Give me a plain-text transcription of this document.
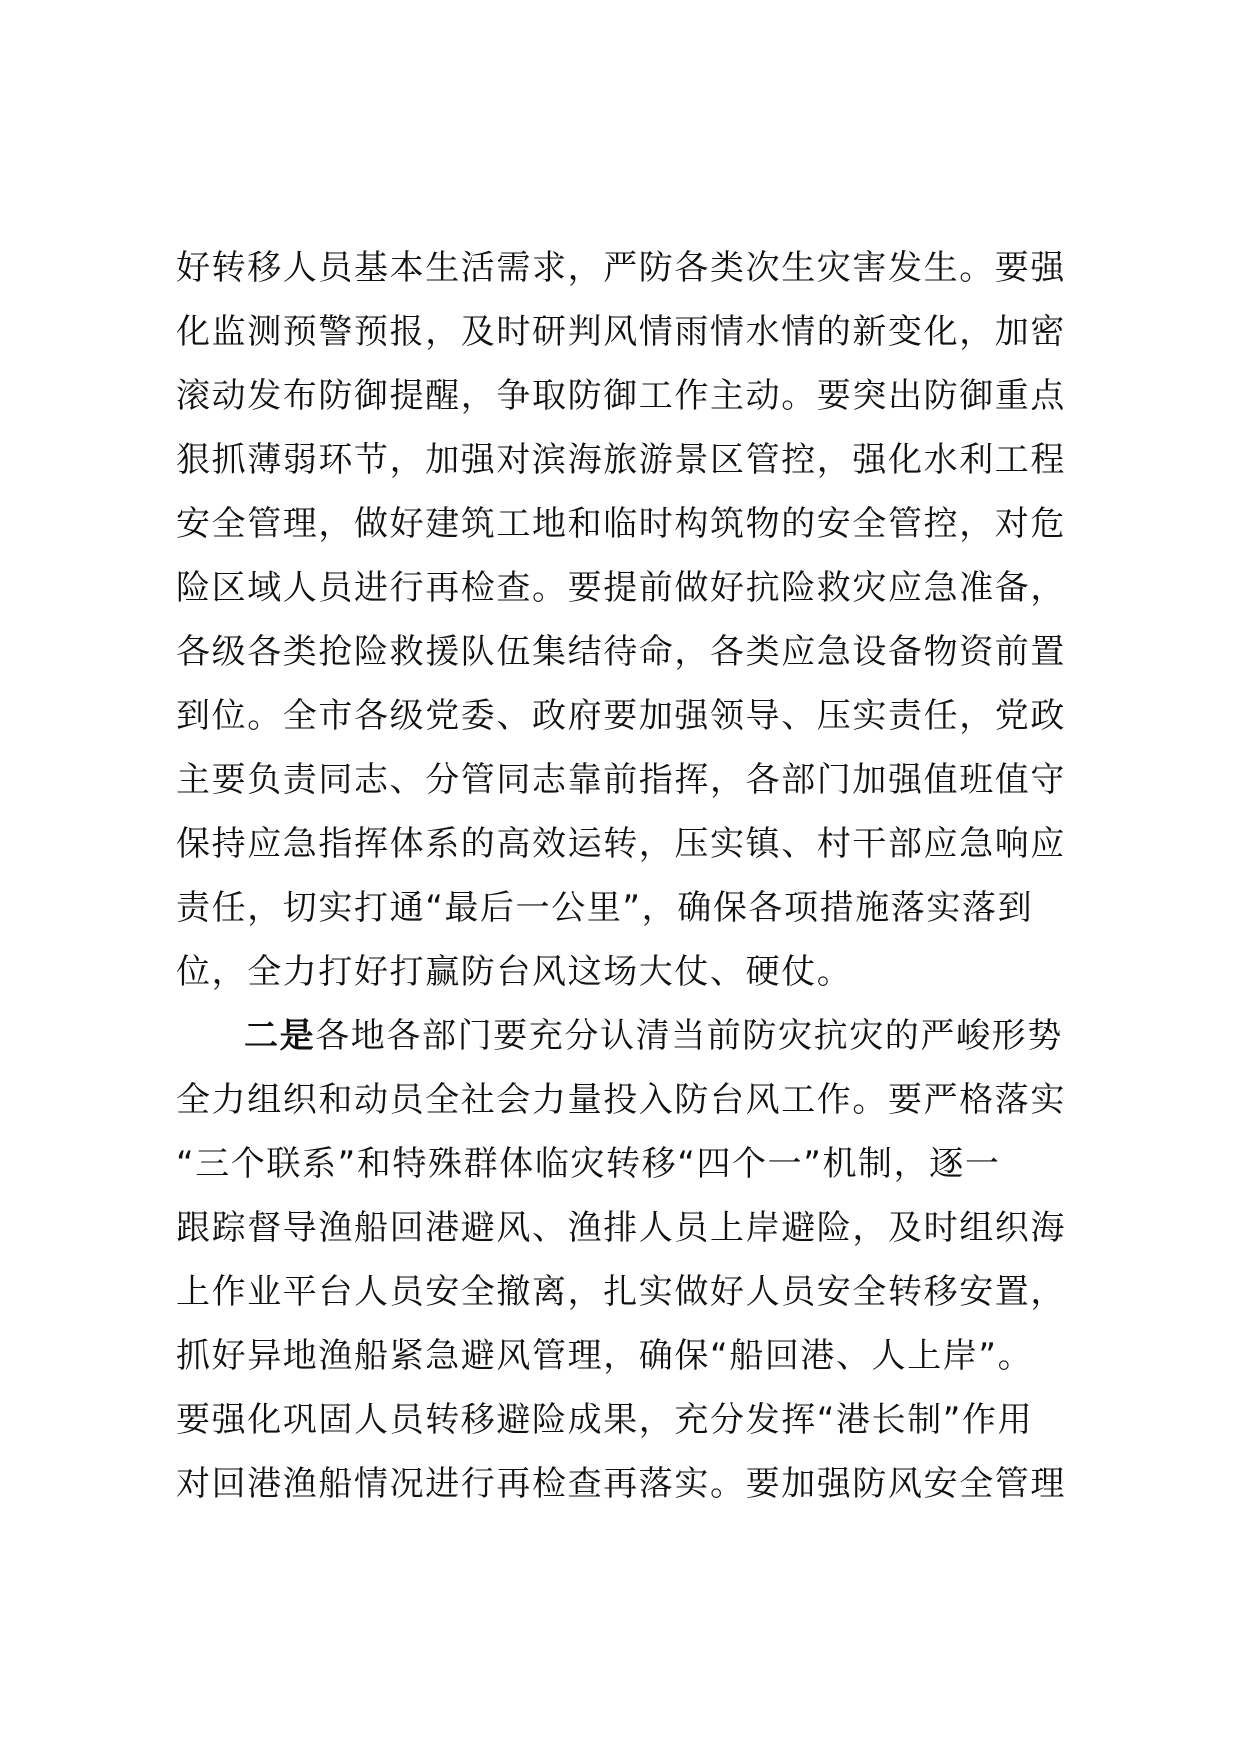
好转移人员基本生活需求，严防各类次生灾害发生。要强
化监测预警预报，及时研判风情雨情水情的新变化，加密
滚动发布防御提醒，争取防御工作主动。要突出防御重点
狠抓薄弱环节，加强对滨海旅游景区管控，强化水利工程
安全管理，做好建筑工地和临时构筑物的安全管控，对危
险区域人员进行再检查。要提前做好抗险救灾应急准备，
各级各类抢险救援队伍集结待命，各类应急设备物资前置
到位。全市各级党委、政府要加强领导、压实责任，党政
主要负责同志、分管同志靠前指挥，各部门加强值班值守
保持应急指挥体系的高效运转，压实镇、村干部应急响应
责任，切实打通“最后一公里”，确保各项措施落实落到
位，全力打好打赢防台风这场大仗、硬仗。
二是各地各部门要充分认清当前防灾抗灾的严峻形势
全力组织和动员全社会力量投入防台风工作。要严格落实
“三个联系”和特殊群体临灾转移“四个一”机制，逐一
跟踪督导渔船回港避风、渔排人员上岸避险，及时组织海
上作业平台人员安全撤离，扎实做好人员安全转移安置，
抓好异地渔船紧急避风管理，确保“船回港、人上岸”。
要强化巩固人员转移避险成果，充分发挥“港长制”作用
对回港渔船情况进行再检查再落实。要加强防风安全管理
